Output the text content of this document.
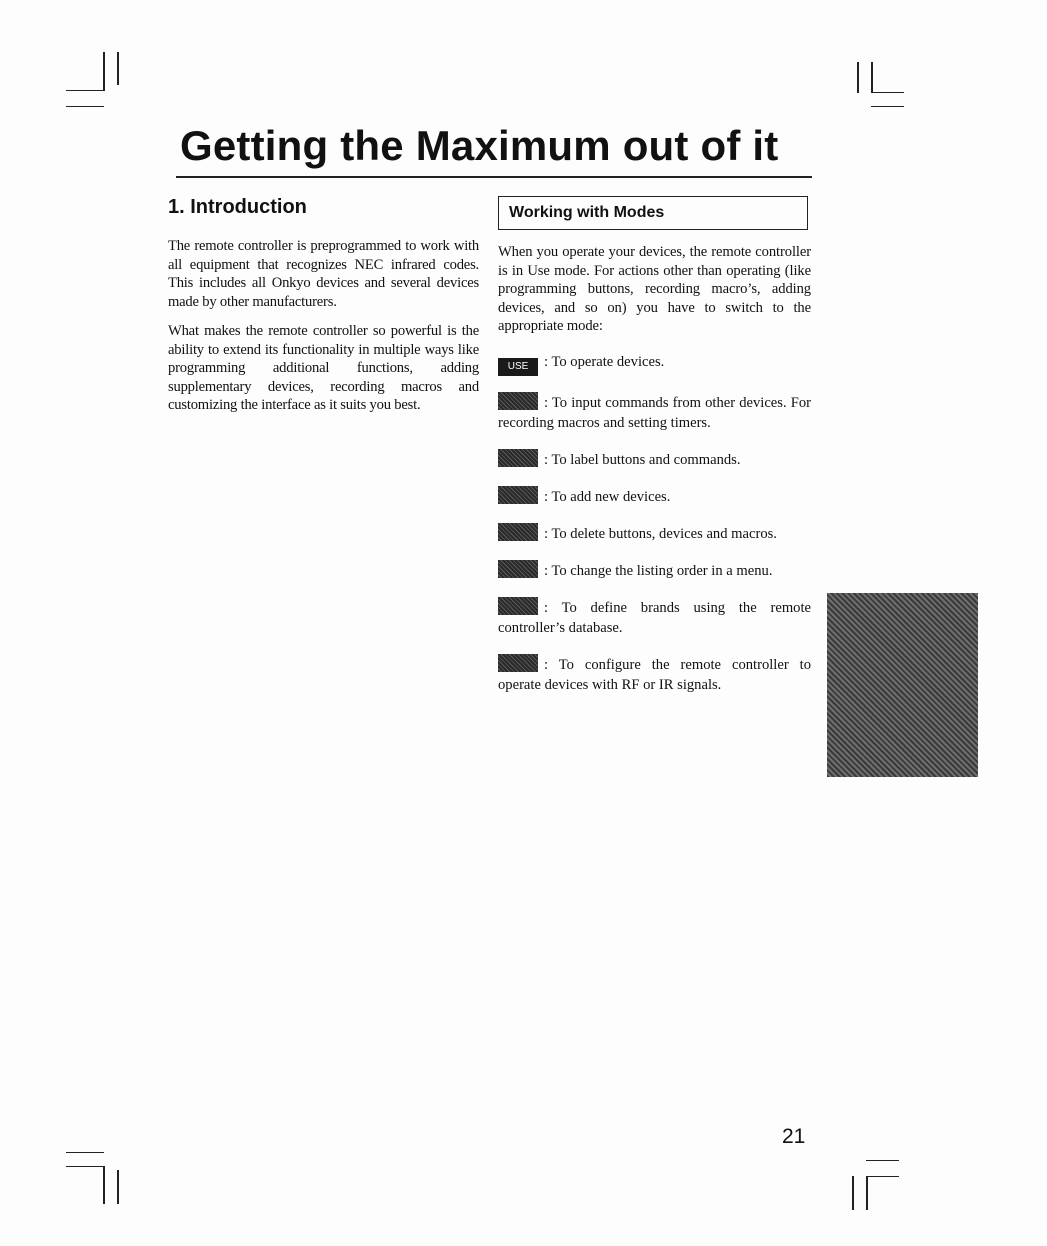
Getting the Maximum out of it
1. Introduction

The remote controller is preprogrammed to work with all equipment that recognizes NEC infrared codes. This includes all Onkyo devices and several devices made by other manufacturers.

What makes the remote controller so powerful is the ability to extend its functionality in multiple ways like programming additional functions, adding supplementary devices, recording macros and customizing the interface as it suits you best.

Working with Modes

When you operate your devices, the remote controller is in Use mode. For actions other than operating (like programming buttons, recording macro’s, adding devices, and so on) you have to switch to the appropriate mode:

USE : To operate devices.
: To input commands from other devices. For recording macros and setting timers.
: To label buttons and commands.
: To add new devices.
: To delete buttons, devices and macros.
: To change the listing order in a menu.
: To define brands using the remote controller’s database.
: To configure the remote controller to operate devices with RF or IR signals.
21
